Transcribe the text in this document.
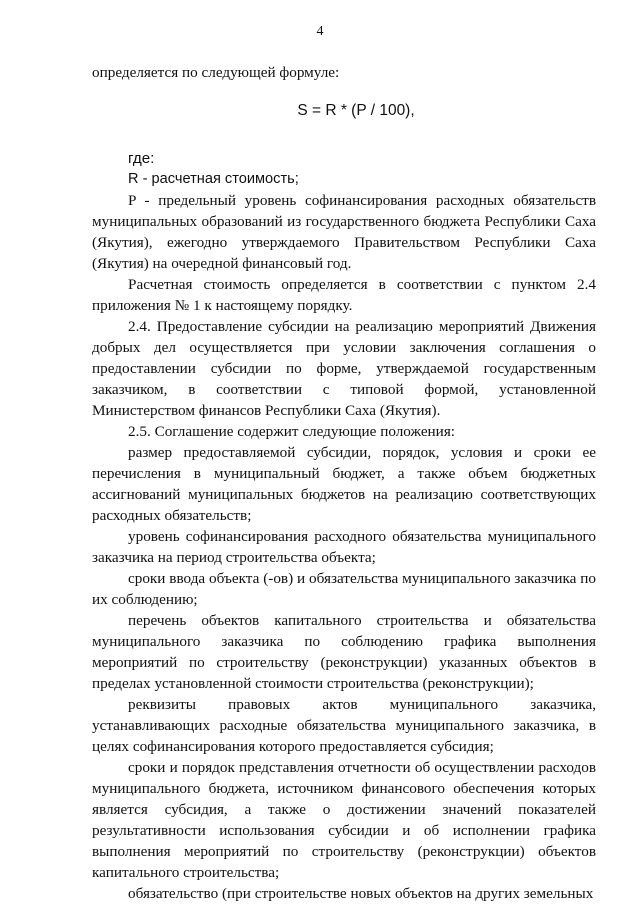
4

определяется по следующей формуле:

S = R * (P / 100),

где:

R - расчетная стоимость;

P - предельный уровень софинансирования расходных обязательств муниципальных образований из государственного бюджета Республики Саха (Якутия), ежегодно утверждаемого Правительством Республики Саха (Якутия) на очередной финансовый год.

Расчетная стоимость определяется в соответствии с пунктом 2.4 приложения № 1 к настоящему порядку.

2.4. Предоставление субсидии на реализацию мероприятий Движения добрых дел осуществляется при условии заключения соглашения о предоставлении субсидии по форме, утверждаемой государственным заказчиком, в соответствии с типовой формой, установленной Министерством финансов Республики Саха (Якутия).

2.5. Соглашение содержит следующие положения:

размер предоставляемой субсидии, порядок, условия и сроки ее перечисления в муниципальный бюджет, а также объем бюджетных ассигнований муниципальных бюджетов на реализацию соответствующих расходных обязательств;

уровень софинансирования расходного обязательства муниципального заказчика на период строительства объекта;

сроки ввода объекта (-ов) и обязательства муниципального заказчика по их соблюдению;

перечень объектов капитального строительства и обязательства муниципального заказчика по соблюдению графика выполнения мероприятий по строительству (реконструкции) указанных объектов в пределах установленной стоимости строительства (реконструкции);

реквизиты правовых актов муниципального заказчика, устанавливающих расходные обязательства муниципального заказчика, в целях софинансирования которого предоставляется субсидия;

сроки и порядок представления отчетности об осуществлении расходов муниципального бюджета, источником финансового обеспечения которых является субсидия, а также о достижении значений показателей результативности использования субсидии и об исполнении графика выполнения мероприятий по строительству (реконструкции) объектов капитального строительства;

обязательство (при строительстве новых объектов на других земельных
